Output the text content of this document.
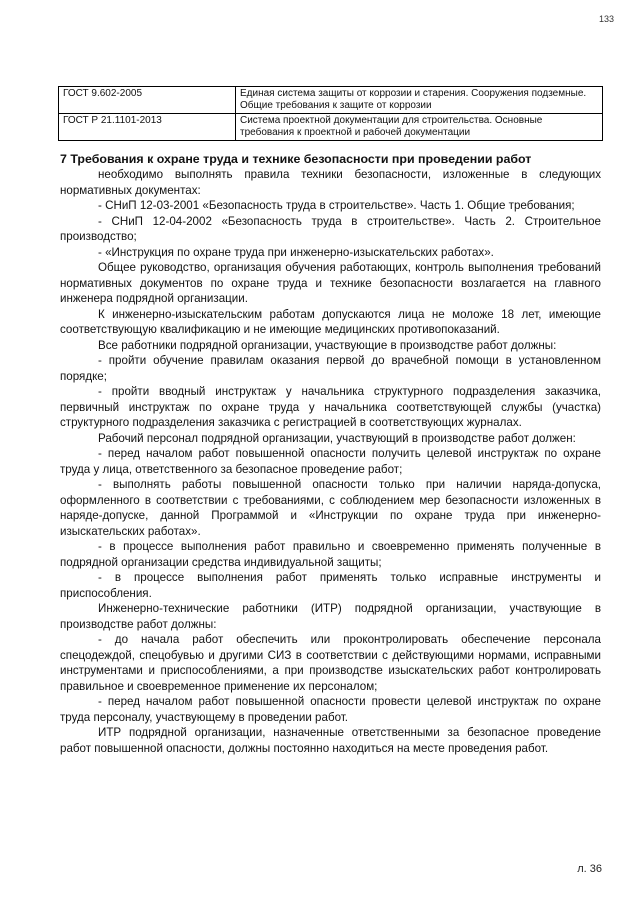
133
ГОСТ 9.602-2005	Единая система защиты от коррозии и старения. Сооружения подземные. Общие требования к защите от коррозии
ГОСТ Р 21.1101-2013	Система проектной документации для строительства. Основные требования к проектной и рабочей документации
7 Требования к охране труда и технике безопасности при проведении работ

необходимо выполнять правила техники безопасности, изложенные в следующих нормативных документах:

- СНиП 12-03-2001 «Безопасность труда в строительстве». Часть 1. Общие требования;

- СНиП 12-04-2002 «Безопасность труда в строительстве». Часть 2. Строительное производство;

- «Инструкция по охране труда при инженерно-изыскательских работах».

Общее руководство, организация обучения работающих, контроль выполнения требований нормативных документов по охране труда и технике безопасности возлагается на главного инженера подрядной организации.

К инженерно-изыскательским работам допускаются лица не моложе 18 лет, имеющие соответствующую квалификацию и не имеющие медицинских противопоказаний.

Все работники подрядной организации, участвующие в производстве работ должны:

- пройти обучение правилам оказания первой до врачебной помощи в установленном порядке;

- пройти вводный инструктаж у начальника структурного подразделения заказчика, первичный инструктаж по охране труда у начальника соответствующей службы (участка) структурного подразделения заказчика с регистрацией в соответствующих журналах.

Рабочий персонал подрядной организации, участвующий в производстве работ должен:

- перед началом работ повышенной опасности получить целевой инструктаж по охране труда у лица, ответственного за безопасное проведение работ;

- выполнять работы повышенной опасности только при наличии наряда-допуска, оформленного в соответствии с требованиями, с соблюдением мер безопасности изложенных в наряде-допуске, данной Программой и «Инструкции по охране труда при инженерно-изыскательских работах».

- в процессе выполнения работ правильно и своевременно применять полученные в подрядной организации средства индивидуальной защиты;

- в процессе выполнения работ применять только исправные инструменты и приспособления.

Инженерно-технические работники (ИТР) подрядной организации, участвующие в производстве работ должны:

- до начала работ обеспечить или проконтролировать обеспечение персонала спецодеждой, спецобувью и другими СИЗ в соответствии с действующими нормами, исправными инструментами и приспособлениями, а при производстве изыскательских работ контролировать правильное и своевременное применение их персоналом;

- перед началом работ повышенной опасности провести целевой инструктаж по охране труда персоналу, участвующему в проведении работ.

ИТР подрядной организации, назначенные ответственными за безопасное проведение работ повышенной опасности, должны постоянно находиться на месте проведения работ.

л. 36
